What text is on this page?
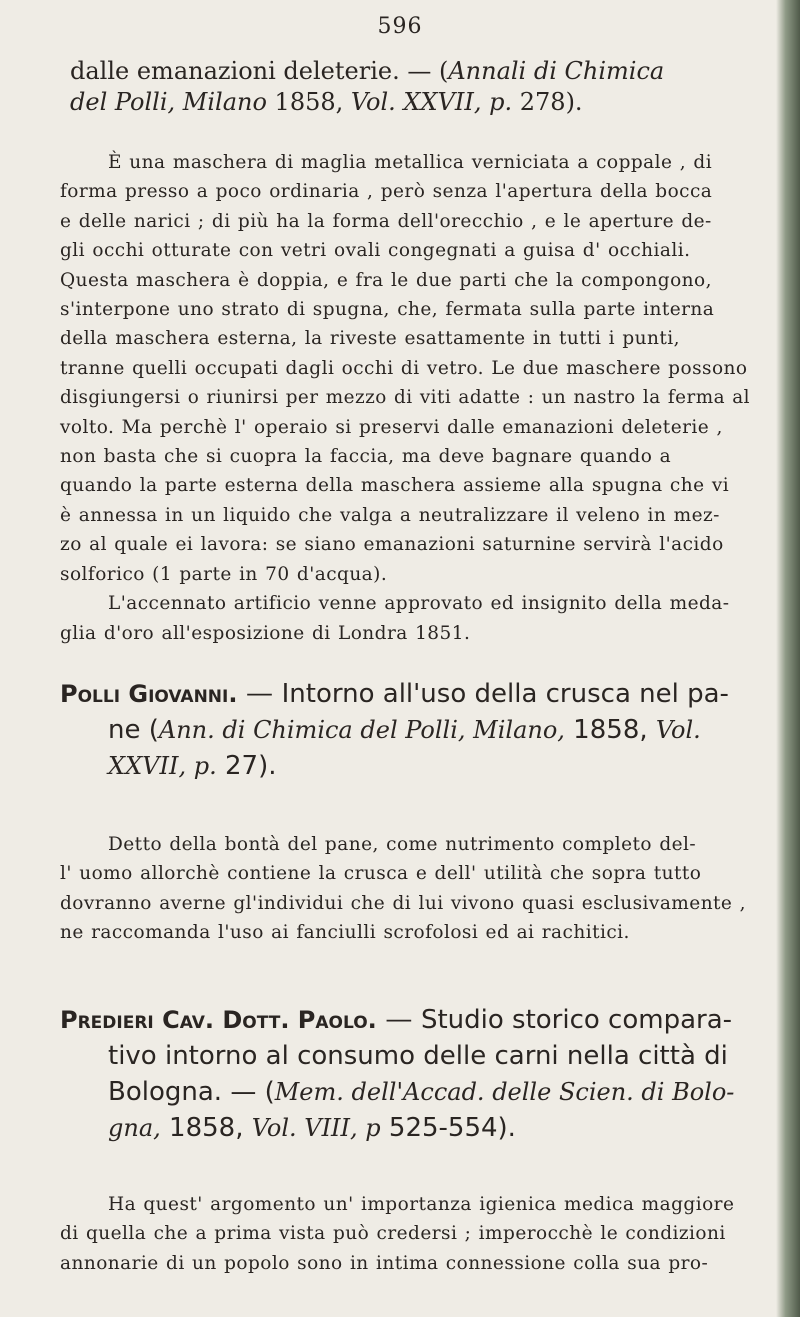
596

dalle emanazioni deleterie. — (Annali di Chimica

del Polli, Milano 1858, Vol. XXVII, p. 278).

È una maschera di maglia metallica verniciata a coppale , di
forma presso a poco ordinaria , però senza l'apertura della bocca
e delle narici ; di più ha la forma dell'orecchio , e le aperture de-
gli occhi otturate con vetri ovali congegnati a guisa d' occhiali.
Questa maschera è doppia, e fra le due parti che la compongono,
s'interpone uno strato di spugna, che, fermata sulla parte interna
della maschera esterna, la riveste esattamente in tutti i punti,
tranne quelli occupati dagli occhi di vetro. Le due maschere possono
disgiungersi o riunirsi per mezzo di viti adatte : un nastro la ferma al
volto. Ma perchè l' operaio si preservi dalle emanazioni deleterie ,
non basta che si cuopra la faccia, ma deve bagnare quando a
quando la parte esterna della maschera assieme alla spugna che vi
è annessa in un liquido che valga a neutralizzare il veleno in mez-
zo al quale ei lavora: se siano emanazioni saturnine servirà l'acido
solforico (1 parte in 70 d'acqua).
L'accennato artificio venne approvato ed insignito della meda-
glia d'oro all'esposizione di Londra 1851.

Polli Giovanni. — Intorno all'uso della crusca nel pa-

ne (Ann. di Chimica del Polli, Milano, 1858, Vol.

XXVII, p. 27).

Detto della bontà del pane, come nutrimento completo del-
l' uomo allorchè contiene la crusca e dell' utilità che sopra tutto
dovranno averne gl'individui che di lui vivono quasi esclusivamente ,
ne raccomanda l'uso ai fanciulli scrofolosi ed ai rachitici.

Predieri Cav. Dott. Paolo. — Studio storico compara-

tivo intorno al consumo delle carni nella città di

Bologna. — (Mem. dell'Accad. delle Scien. di Bolo-

gna, 1858, Vol. VIII, p 525-554).

Ha quest' argomento un' importanza igienica medica maggiore
di quella che a prima vista può credersi ; imperocchè le condizioni
annonarie di un popolo sono in intima connessione colla sua pro-
